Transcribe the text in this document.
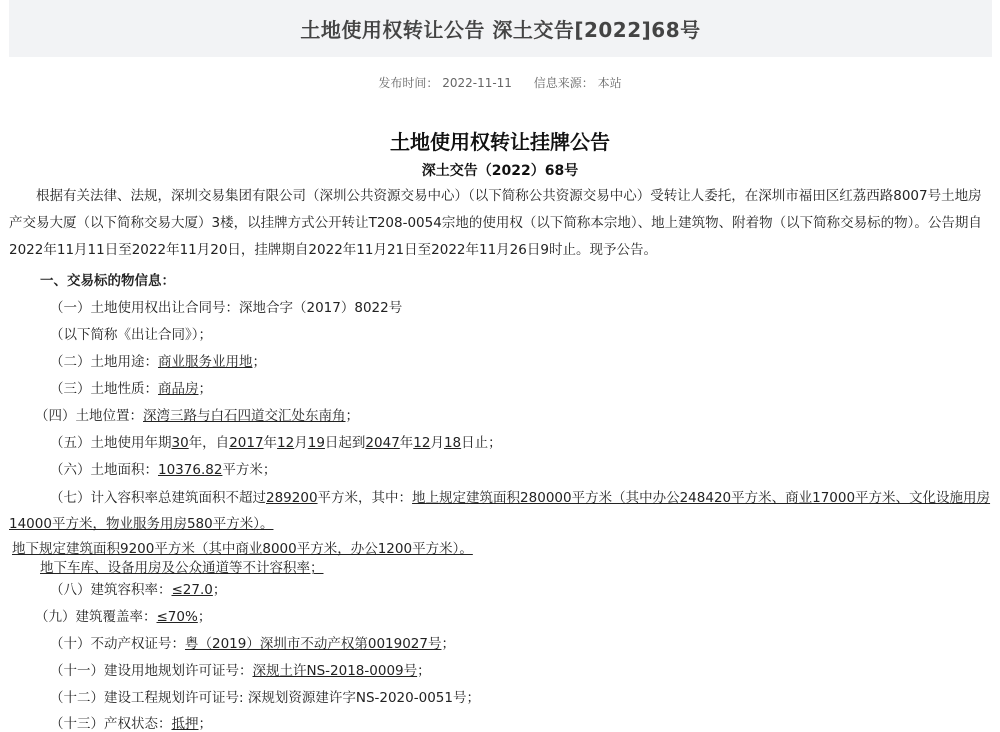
土地使用权转让公告 深土交告[2022]68号
发布时间： 2022-11-11 信息来源： 本站
土地使用权转让挂牌公告
深土交告（2022）68号
　　根据有关法律、法规，深圳交易集团有限公司（深圳公共资源交易中心）（以下简称公共资源交易中心）受转让人委托，在深圳市福田区红荔西路8007号土地房产交易大厦（以下简称交易大厦）3楼，以挂牌方式公开转让T208-0054宗地的使用权（以下简称本宗地）、地上建筑物、附着物（以下简称交易标的物）。公告期自2022年11月11日至2022年11月20日，挂牌期自2022年11月21日至2022年11月26日9时止。现予公告。
一、交易标的物信息：
（一）土地使用权出让合同号：深地合字（2017）8022号
（以下简称《出让合同》）；
（二）土地用途：商业服务业用地；
（三）土地性质：商品房；
（四）土地位置：深湾三路与白石四道交汇处东南角；
（五）土地使用年期30年，自2017年12月19日起到2047年12月18日止；
（六）土地面积：10376.82平方米；
（七）计入容积率总建筑面积不超过289200平方米，其中：地上规定建筑面积280000平方米（其中办公248420平方米、商业17000平方米、文化设施用房
14000平方米，物业服务用房580平方米）。
地下规定建筑面积9200平方米（其中商业8000平方米，办公1200平方米）。
地下车库、设备用房及公众通道等不计容积率；
（八）建筑容积率：≤27.0；
（九）建筑覆盖率：≤70%；
（十）不动产权证号：粤（2019）深圳市不动产权第0019027号；
（十一）建设用地规划许可证号：深规土许NS-2018-0009号；
（十二）建设工程规划许可证号: 深规划资源建许字NS-2020-0051号；
（十三）产权状态：抵押；
